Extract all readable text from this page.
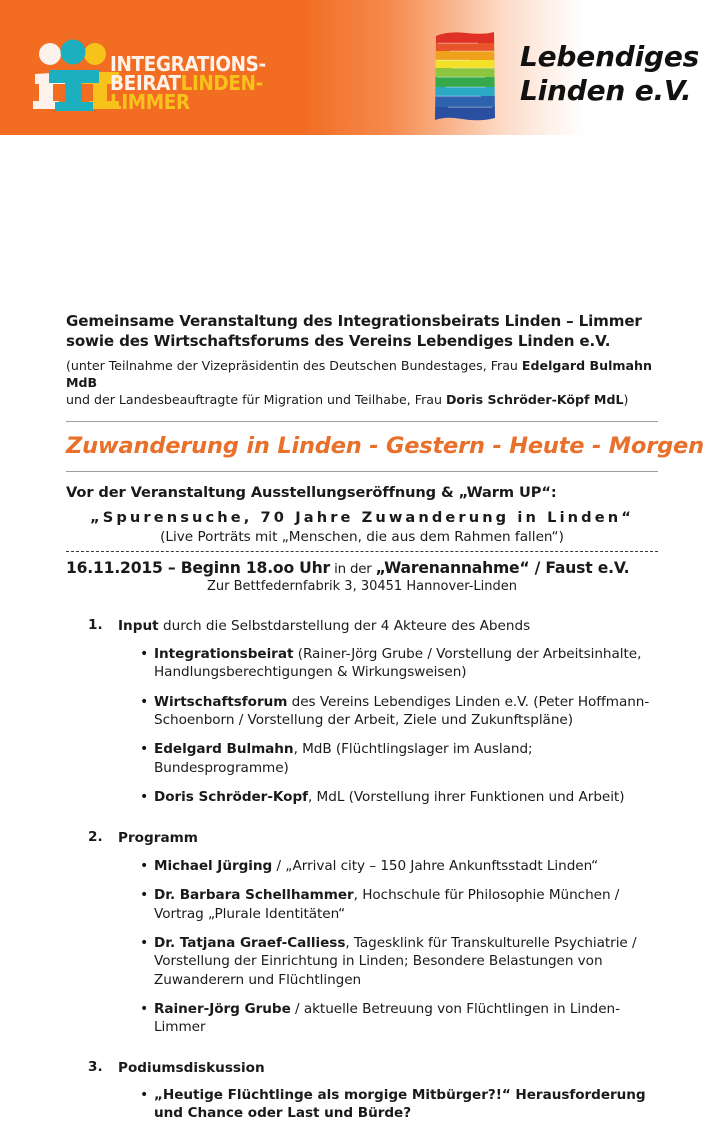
INTEGRATIONS-
BEIRATLINDEN-
LIMMER
Lebendiges
Linden e.V.
Gemeinsame Veranstaltung des Integrationsbeirats Linden – Limmer
sowie des Wirtschaftsforums des Vereins Lebendiges Linden e.V.
(unter Teilnahme der Vizepräsidentin des Deutschen Bundestages, Frau Edelgard Bulmahn MdB
und der Landesbeauftragte für Migration und Teilhabe, Frau Doris Schröder-Köpf MdL)
Zuwanderung in Linden - Gestern - Heute - Morgen
Vor der Veranstaltung Ausstellungseröffnung & „Warm UP“:
„Spurensuche, 70 Jahre Zuwanderung in Linden“
(Live Porträts mit „Menschen, die aus dem Rahmen fallen“)
16.11.2015 – Beginn 18.oo Uhr in der „Warenannahme“ / Faust e.V.
Zur Bettfedernfabrik 3, 30451 Hannover-Linden
1.	Input durch die Selbstdarstellung der 4 Akteure des Abends
• Integrationsbeirat (Rainer-Jörg Grube / Vorstellung der Arbeitsinhalte, Handlungsberechtigungen & Wirkungsweisen)
• Wirtschaftsforum des Vereins Lebendiges Linden e.V. (Peter Hoffmann-Schoenborn / Vorstellung der Arbeit, Ziele und Zukunftspläne)
• Edelgard Bulmahn, MdB (Flüchtlingslager im Ausland; Bundesprogramme)
• Doris Schröder-Kopf, MdL (Vorstellung ihrer Funktionen und Arbeit)
2.	Programm
• Michael Jürging / „Arrival city – 150 Jahre Ankunftsstadt Linden“
• Dr. Barbara Schellhammer, Hochschule für Philosophie München / Vortrag „Plurale Identitäten“
• Dr. Tatjana Graef-Calliess, Tagesklink für Transkulturelle Psychiatrie / Vorstellung der Einrichtung in Linden; Besondere Belastungen von Zuwanderern und Flüchtlingen
• Rainer-Jörg Grube / aktuelle Betreuung von Flüchtlingen in Linden-Limmer
3.	Podiumsdiskussion
• „Heutige Flüchtlinge als morgige Mitbürger?!“ Herausforderung und Chance oder Last und Bürde?
